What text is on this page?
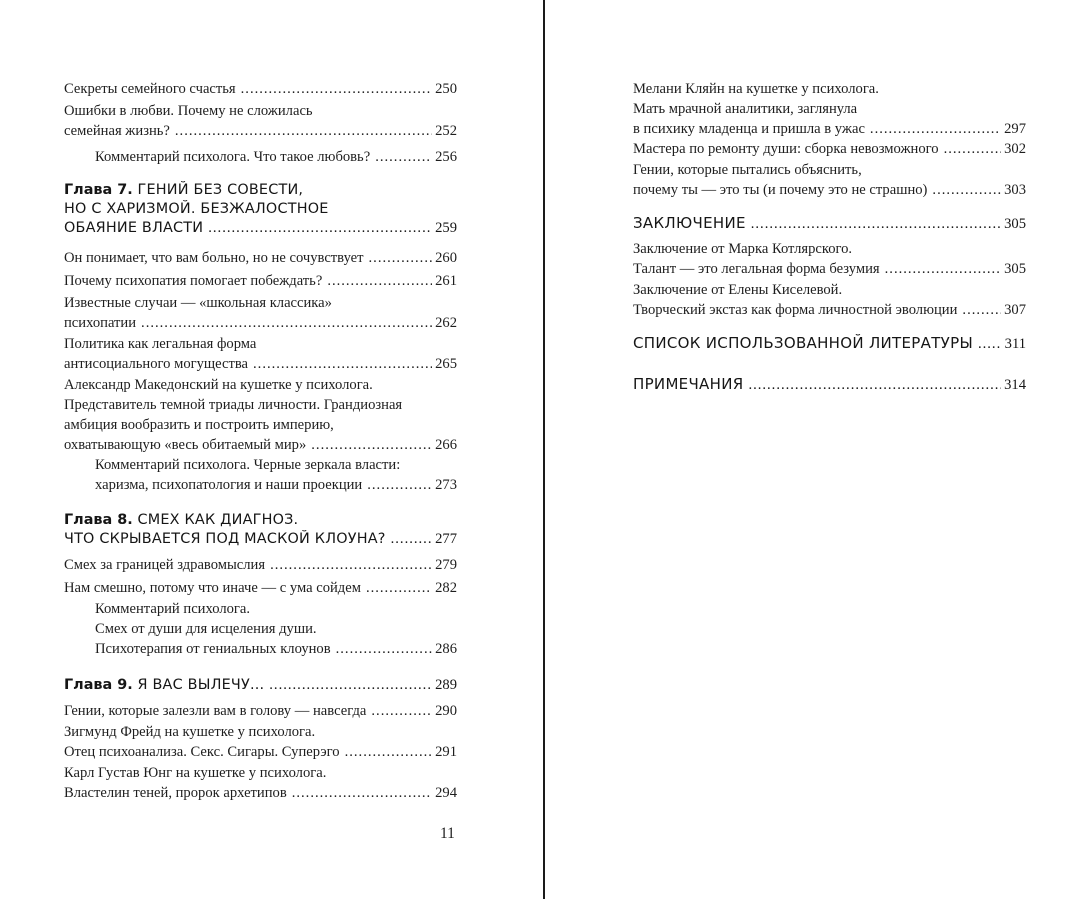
Секреты семейного счастья .....	250
Ошибки в любви. Почему не сложилась
семейная жизнь? .....	252
Комментарий психолога. Что такое любовь? .....	256
Глава 7. ГЕНИЙ БЕЗ СОВЕСТИ,
НО С ХАРИЗМОЙ. БЕЗЖАЛОСТНОЕ
ОБАЯНИЕ ВЛАСТИ .....	259
Он понимает, что вам больно, но не сочувствует .....	260
Почему психопатия помогает побеждать? .....	261
Известные случаи — «школьная классика»
психопатии .....	262
Политика как легальная форма
антисоциального могущества .....	265
Александр Македонский на кушетке у психолога.
Представитель темной триады личности. Грандиозная
амбиция вообразить и построить империю,
охватывающую «весь обитаемый мир» .....	266
Комментарий психолога. Черные зеркала власти:
харизма, психопатология и наши проекции .....	273
Глава 8. СМЕХ КАК ДИАГНОЗ.
ЧТО СКРЫВАЕТСЯ ПОД МАСКОЙ КЛОУНА? .....	277
Смех за границей здравомыслия .....	279
Нам смешно, потому что иначе — с ума сойдем .....	282
Комментарий психолога.
Смех от души для исцеления души.
Психотерапия от гениальных клоунов .....	286
Глава 9. Я ВАС ВЫЛЕЧУ... .....	289
Гении, которые залезли вам в голову — навсегда .....	290
Зигмунд Фрейд на кушетке у психолога.
Отец психоанализа. Секс. Сигары. Суперэго .....	291
Карл Густав Юнг на кушетке у психолога.
Властелин теней, пророк архетипов .....	294
Мелани Кляйн на кушетке у психолога.
Мать мрачной аналитики, заглянула
в психику младенца и пришла в ужас .....	297
Мастера по ремонту души: сборка невозможного .....	302
Гении, которые пытались объяснить,
почему ты — это ты (и почему это не страшно) .....	303
ЗАКЛЮЧЕНИЕ .....	305
Заключение от Марка Котлярского.
Талант — это легальная форма безумия .....	305
Заключение от Елены Киселевой.
Творческий экстаз как форма личностной эволюции .....	307
СПИСОК ИСПОЛЬЗОВАННОЙ ЛИТЕРАТУРЫ ..... 311
ПРИМЕЧАНИЯ .....	314
11
